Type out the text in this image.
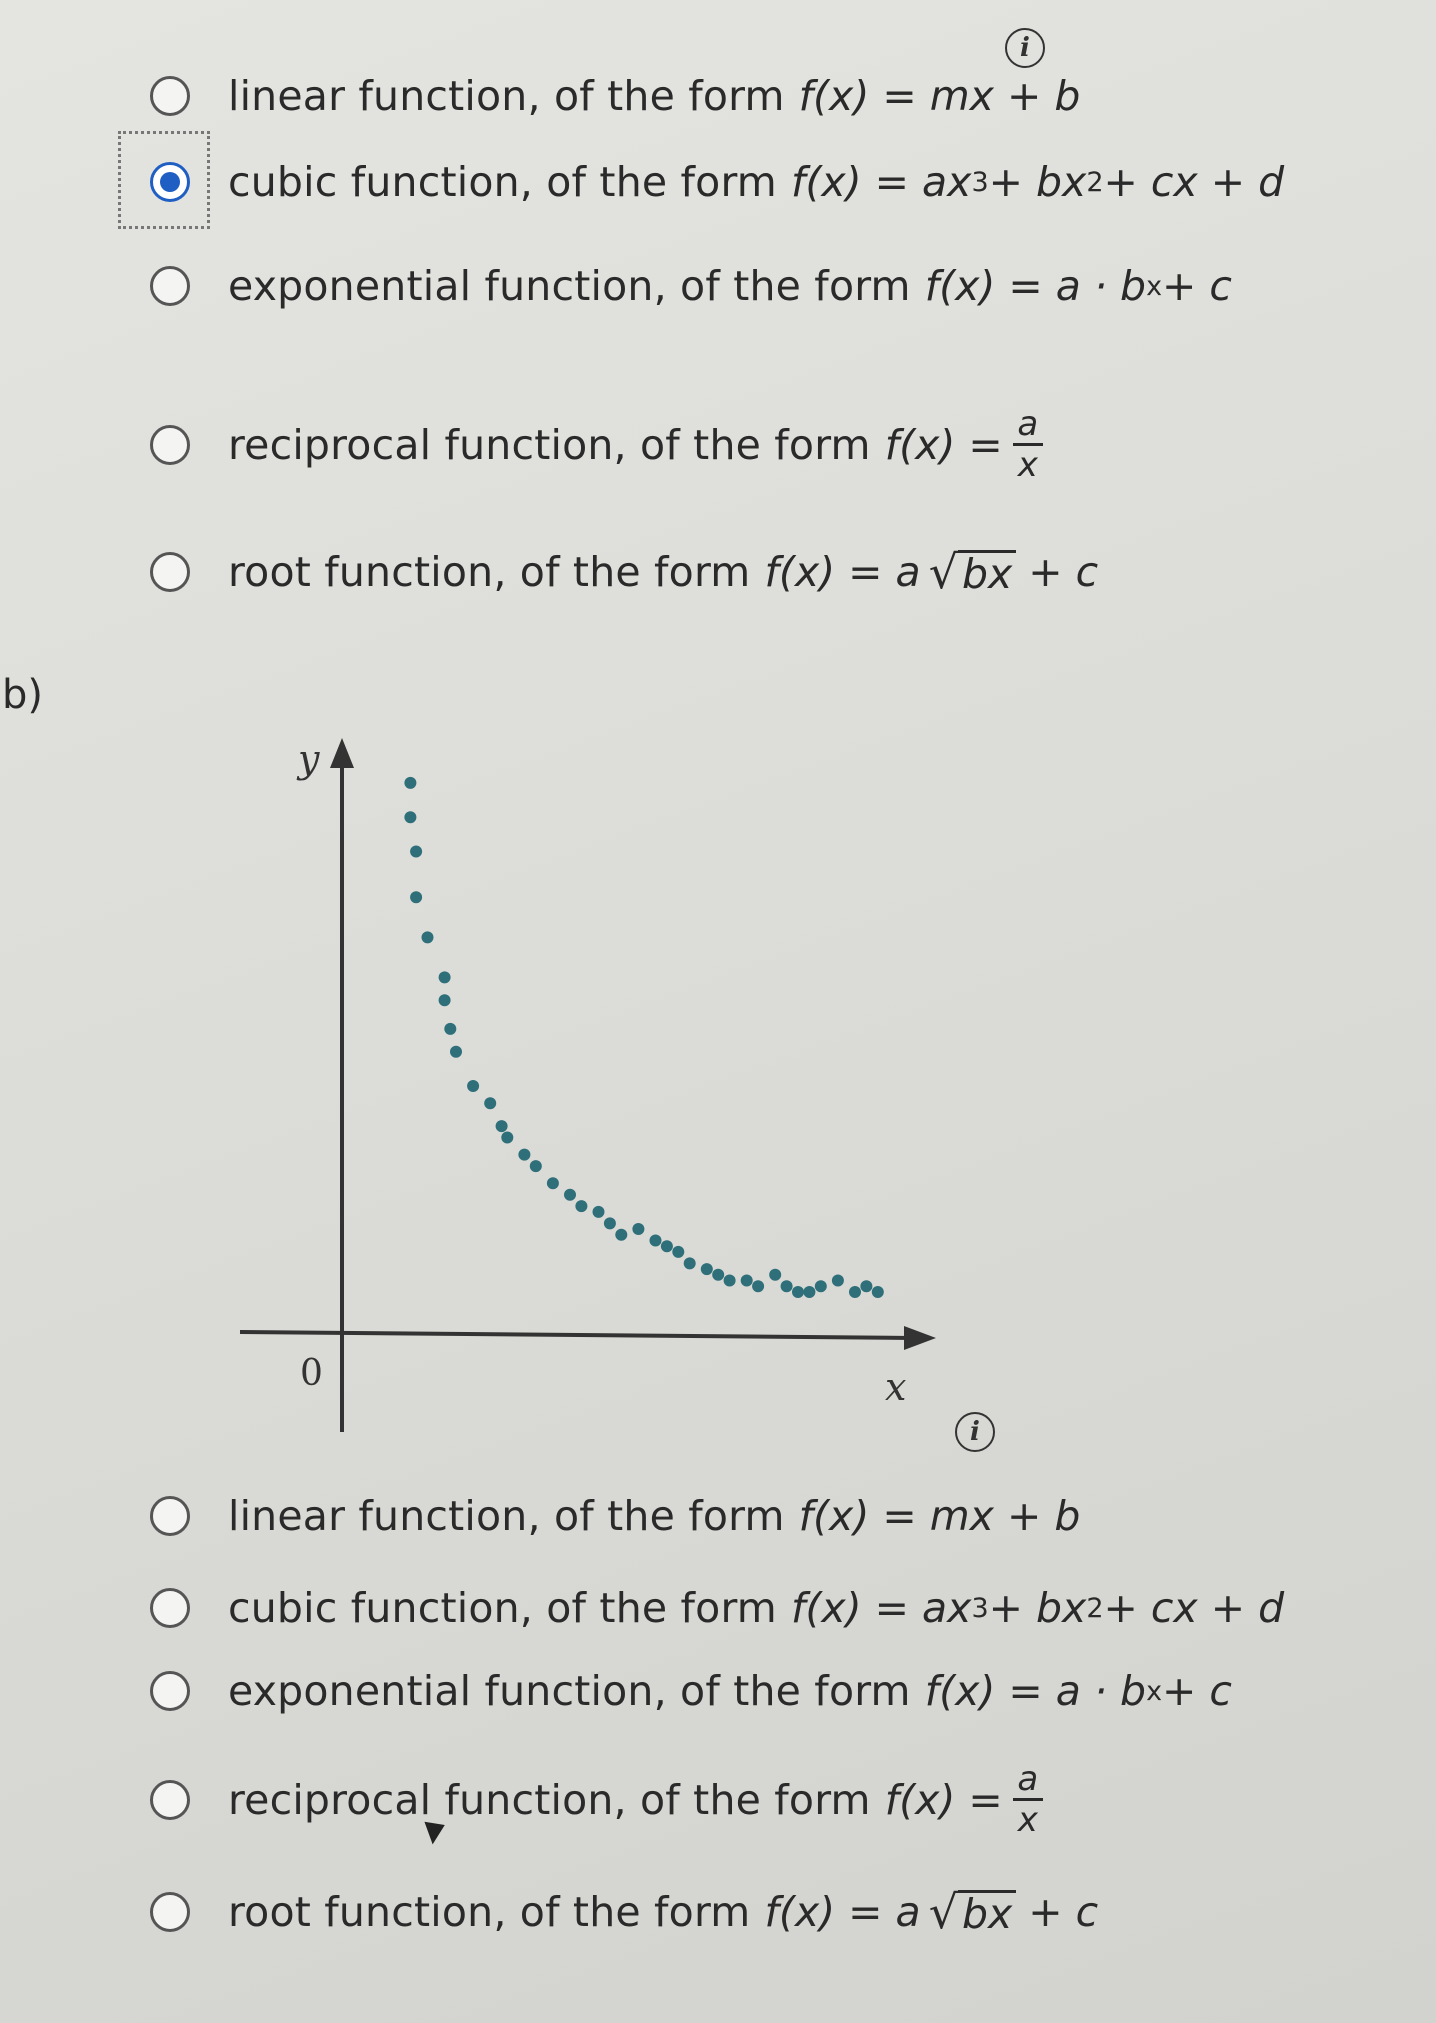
i
linear function, of the form f(x) = mx + b
cubic function, of the form f(x) = ax 3 + bx 2 + cx + d
exponential function, of the form f(x) = a · b x + c
reciprocal function, of the form $f(x) = \frac{a}{x}$
root function, of the form f(x) = a √ bx + c
b)
y
x
0
i
linear function, of the form f(x) = mx + b
cubic function, of the form f(x) = ax 3 + bx 2 + cx + d
exponential function, of the form f(x) = a · b x + c
reciprocal function, of the form $f(x) = \frac{a}{x}$
root function, of the form f(x) = a √ bx + c
